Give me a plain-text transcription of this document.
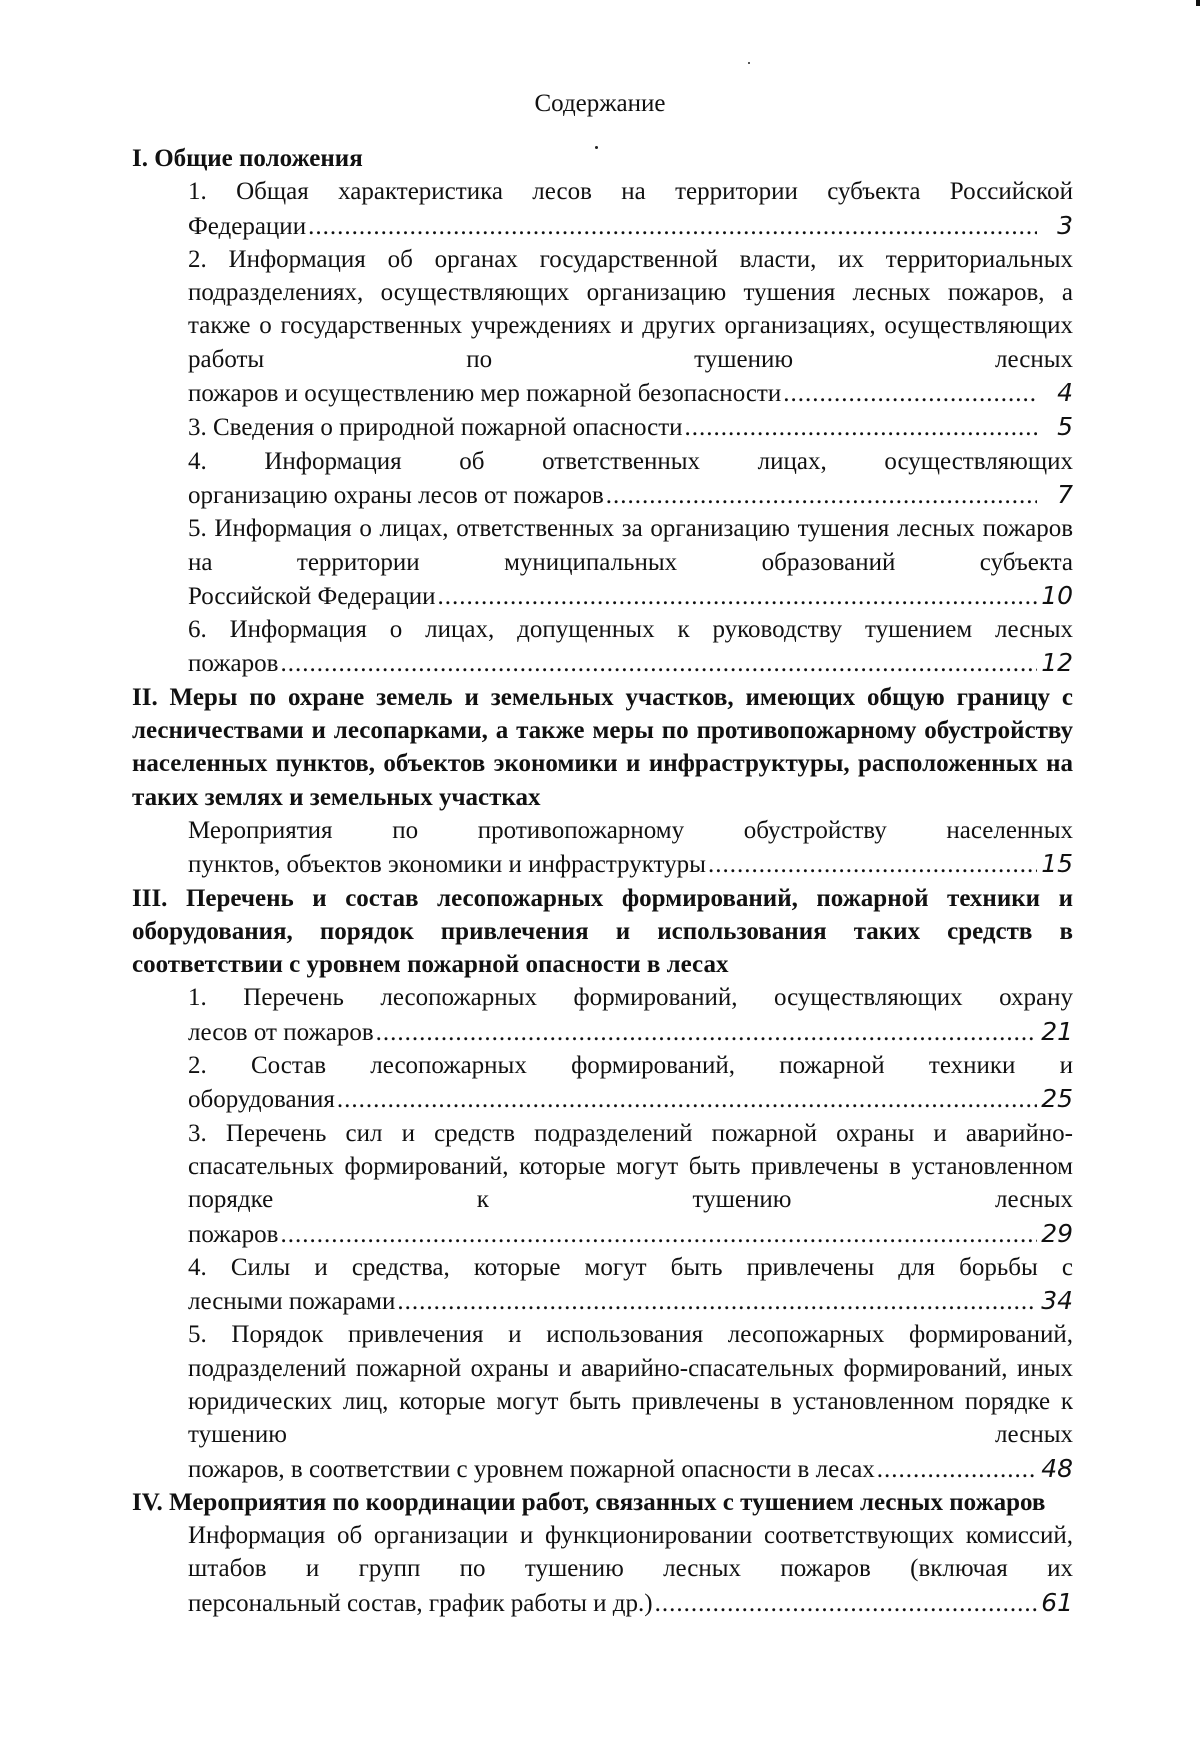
Содержание

I. Общие положения

1. Общая характеристика лесов на территории субъекта Российской
Федерации .....	3
2. Информация об органах государственной власти, их территориальных подразделениях, осуществляющих организацию тушения лесных пожаров, а также о государственных учреждениях и других организациях, осуществляющих работы по тушению лесных
пожаров и осуществлению мер пожарной безопасности .....	4
3. Сведения о природной пожарной опасности .....	5
4. Информация об ответственных лицах, осуществляющих
организацию охраны лесов от пожаров .....	7
5. Информация о лицах, ответственных за организацию тушения лесных пожаров на территории муниципальных образований субъекта
Российской Федерации .....	10
6. Информация о лицах, допущенных к руководству тушением лесных
пожаров .....	12

II. Меры по охране земель и земельных участков, имеющих общую границу с лесничествами и лесопарками, а также меры по противопожарному обустройству населенных пунктов, объектов экономики и инфраструктуры, расположенных на таких землях и земельных участках

Мероприятия по противопожарному обустройству населенных
пунктов, объектов экономики и инфраструктуры .....	15

III. Перечень и состав лесопожарных формирований, пожарной техники и оборудования, порядок привлечения и использования таких средств в соответствии с уровнем пожарной опасности в лесах

1. Перечень лесопожарных формирований, осуществляющих охрану
лесов от пожаров .....	21
2. Состав лесопожарных формирований, пожарной техники и
оборудования .....	25
3. Перечень сил и средств подразделений пожарной охраны и аварийно-спасательных формирований, которые могут быть привлечены в установленном порядке к тушению лесных
пожаров .....	29
4. Силы и средства, которые могут быть привлечены для борьбы с
лесными пожарами .....	34
5. Порядок привлечения и использования лесопожарных формирований, подразделений пожарной охраны и аварийно-спасательных формирований, иных юридических лиц, которые могут быть привлечены в установленном порядке к тушению лесных
пожаров, в соответствии с уровнем пожарной опасности в лесах .....	48

IV. Мероприятия по координации работ, связанных с тушением лесных пожаров

Информация об организации и функционировании соответствующих комиссий, штабов и групп по тушению лесных пожаров (включая их
персональный состав, график работы и др.) .....	61
